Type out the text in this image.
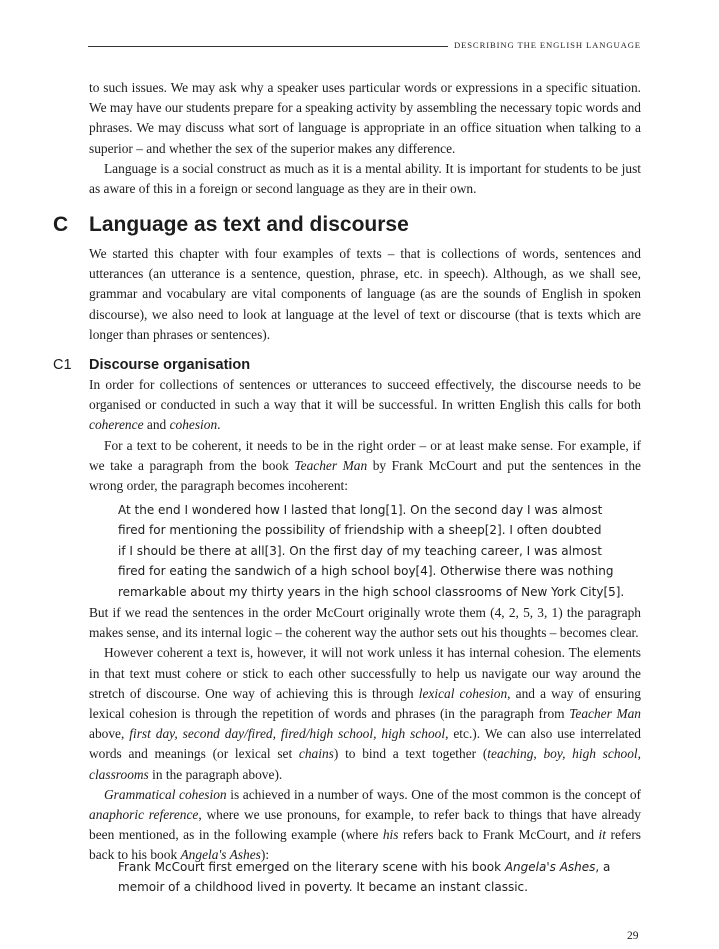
DESCRIBING THE ENGLISH LANGUAGE

to such issues. We may ask why a speaker uses particular words or expressions in a specific situation. We may have our students prepare for a speaking activity by assembling the necessary topic words and phrases. We may discuss what sort of language is appropriate in an office situation when talking to a superior – and whether the sex of the superior makes any difference.

Language is a social construct as much as it is a mental ability. It is important for students to be just as aware of this in a foreign or second language as they are in their own.

C Language as text and discourse

We started this chapter with four examples of texts – that is collections of words, sentences and utterances (an utterance is a sentence, question, phrase, etc. in speech). Although, as we shall see, grammar and vocabulary are vital components of language (as are the sounds of English in spoken discourse), we also need to look at language at the level of text or discourse (that is texts which are longer than phrases or sentences).

C1 Discourse organisation

In order for collections of sentences or utterances to succeed effectively, the discourse needs to be organised or conducted in such a way that it will be successful. In written English this calls for both coherence and cohesion.

For a text to be coherent, it needs to be in the right order – or at least make sense. For example, if we take a paragraph from the book Teacher Man by Frank McCourt and put the sentences in the wrong order, the paragraph becomes incoherent:

At the end I wondered how I lasted that long[1]. On the second day I was almost
fired for mentioning the possibility of friendship with a sheep[2]. I often doubted
if I should be there at all[3]. On the first day of my teaching career, I was almost
fired for eating the sandwich of a high school boy[4]. Otherwise there was nothing
remarkable about my thirty years in the high school classrooms of New York City[5].

But if we read the sentences in the order McCourt originally wrote them (4, 2, 5, 3, 1) the paragraph makes sense, and its internal logic – the coherent way the author sets out his thoughts – becomes clear.

However coherent a text is, however, it will not work unless it has internal cohesion. The elements in that text must cohere or stick to each other successfully to help us navigate our way around the stretch of discourse. One way of achieving this is through lexical cohesion, and a way of ensuring lexical cohesion is through the repetition of words and phrases (in the paragraph from Teacher Man above, first day, second day/fired, fired/high school, high school, etc.). We can also use interrelated words and meanings (or lexical set chains) to bind a text together (teaching, boy, high school, classrooms in the paragraph above).

Grammatical cohesion is achieved in a number of ways. One of the most common is the concept of anaphoric reference, where we use pronouns, for example, to refer back to things that have already been mentioned, as in the following example (where his refers back to Frank McCourt, and it refers back to his book Angela's Ashes):

Frank McCourt first emerged on the literary scene with his book Angela's Ashes, a
memoir of a childhood lived in poverty. It became an instant classic.
29
